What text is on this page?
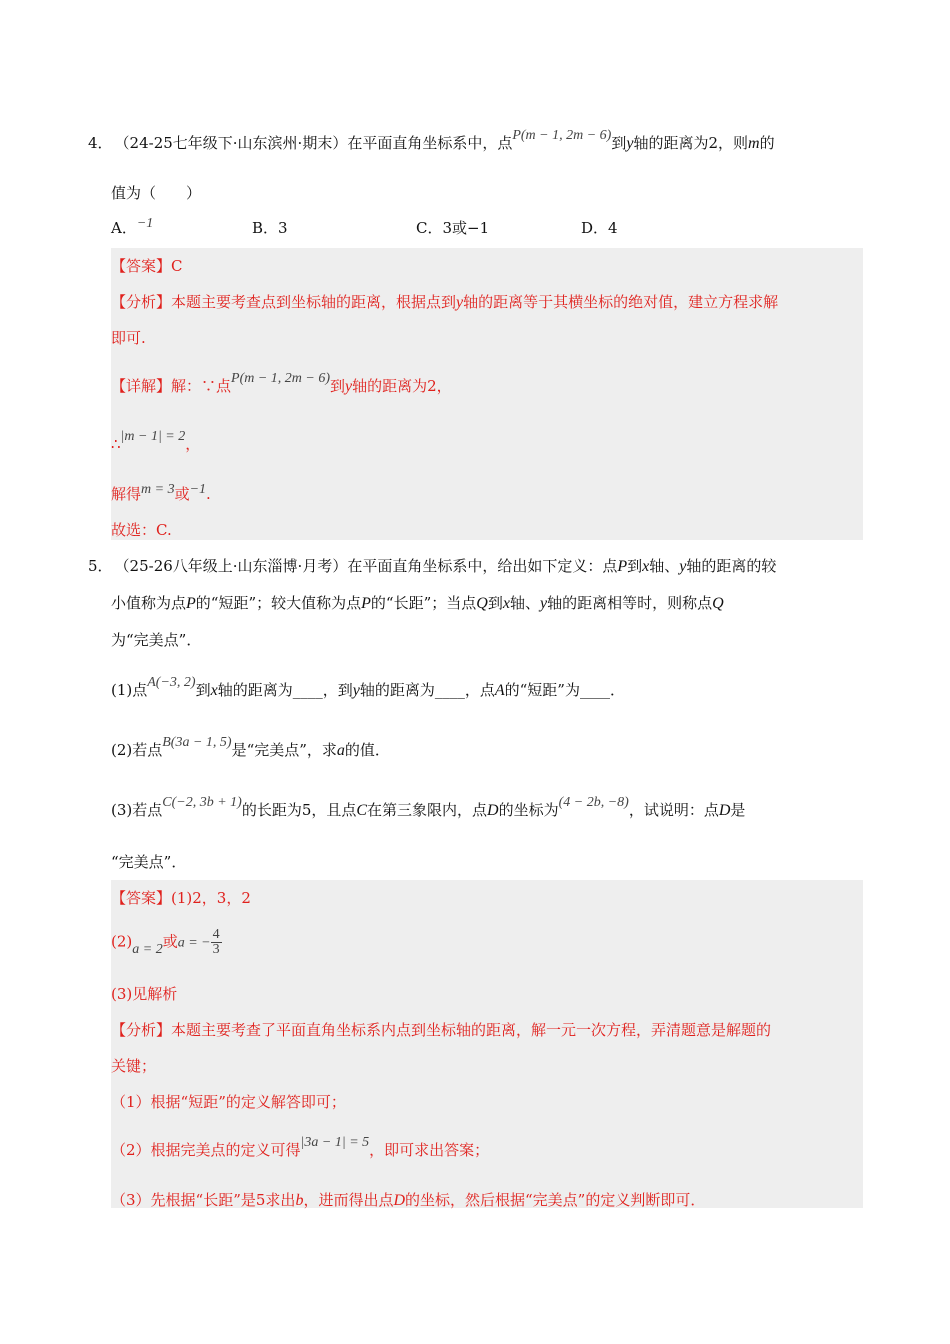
4． （24-25七年级下·山东滨州·期末）在平面直角坐标系中，点P(m − 1, 2m − 6)到y轴的距离为2，则m的
值为（　　）
A．−1	B．3	C．3或−1	D．4
【答案】C
【分析】本题主要考查点到坐标轴的距离，根据点到y轴的距离等于其横坐标的绝对值，建立方程求解
即可.
【详解】解：∵点P(m − 1, 2m − 6)到y轴的距离为2，
∴|m − 1| = 2，
解得m = 3或−1.
故选：C.
5． （25-26八年级上·山东淄博·月考）在平面直角坐标系中，给出如下定义：点P到x轴、y轴的距离的较
小值称为点P的“短距”；较大值称为点P的“长距”；当点Q到x轴、y轴的距离相等时，则称点Q
为“完美点”．
(1)点A(−3, 2)到x轴的距离为____，到y轴的距离为____，点A的“短距”为____．
(2)若点B(3a − 1, 5)是“完美点”，求a的值．
(3)若点C(−2, 3b + 1)的长距为5，且点C在第三象限内，点D的坐标为(4 − 2b, −8)，试说明：点D是
“完美点”．
【答案】(1)2，3，2
(2)a = 2或a = − $\frac{4}{3}$
(3)见解析
【分析】本题主要考查了平面直角坐标系内点到坐标轴的距离，解一元一次方程，弄清题意是解题的
关键；
（1）根据“短距”的定义解答即可；
（2）根据完美点的定义可得|3a − 1| = 5，即可求出答案；
（3）先根据“长距”是5求出b，进而得出点D的坐标，然后根据“完美点”的定义判断即可．
